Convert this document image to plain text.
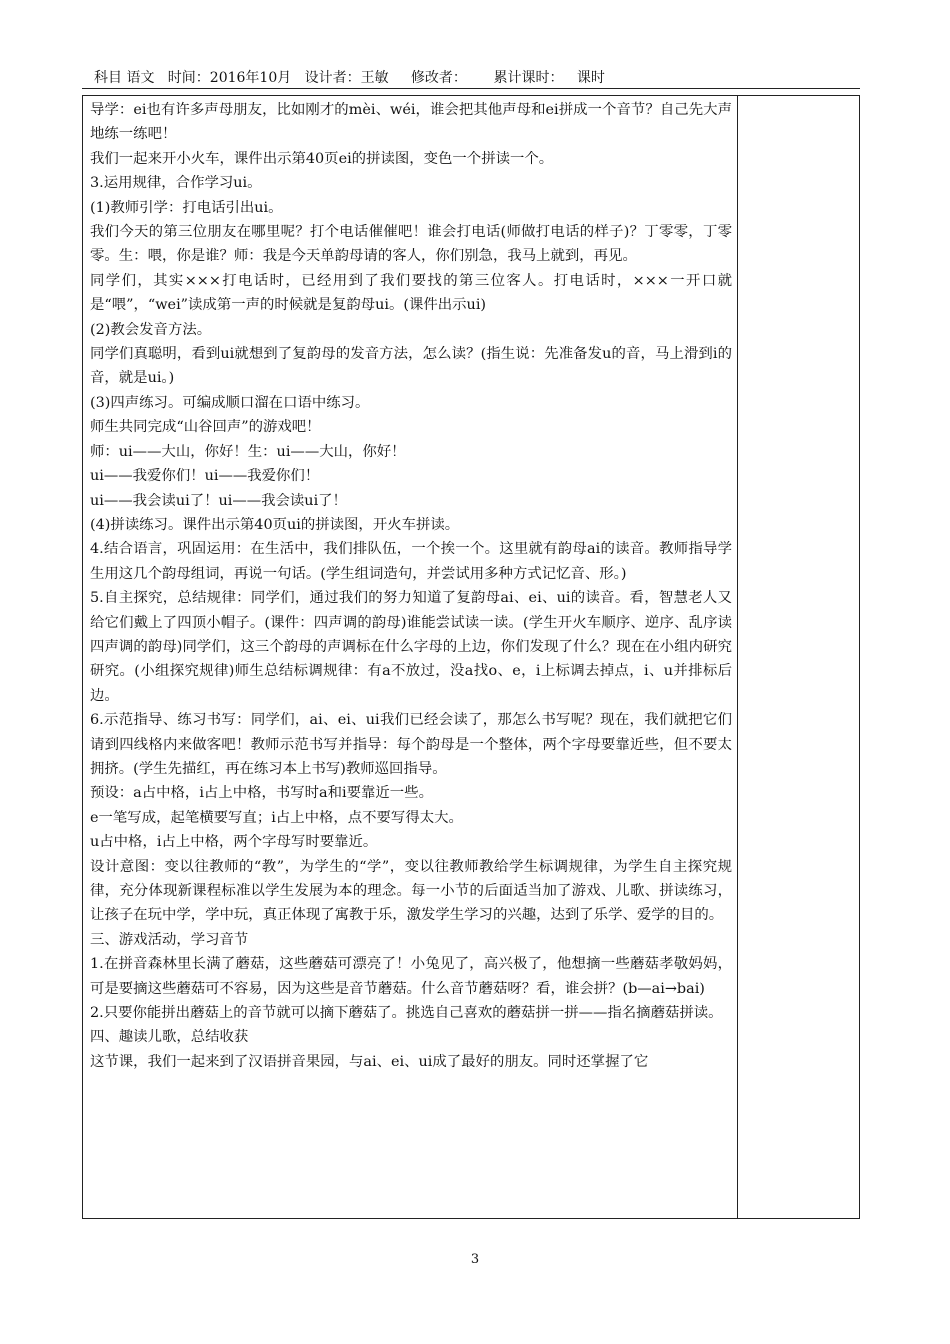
科目 语文   时间：2016年10月   设计者：王敏     修改者：      累计课时：   课时

导学：ei也有许多声母朋友，比如刚才的mèi、wéi，谁会把其他声母和ei拼成一个音节？自己先大声地练一练吧！

我们一起来开小火车，课件出示第40页ei的拼读图，变色一个拼读一个。

3.运用规律，合作学习ui。

(1)教师引学：打电话引出ui。

我们今天的第三位朋友在哪里呢？打个电话催催吧！谁会打电话(师做打电话的样子)？丁零零，丁零零。生：喂，你是谁？师：我是今天单韵母请的客人，你们别急，我马上就到，再见。

同学们，其实×××打电话时，已经用到了我们要找的第三位客人。打电话时，×××一开口就是“喂”，“wei”读成第一声的时候就是复韵母ui。(课件出示ui)

(2)教会发音方法。

同学们真聪明，看到ui就想到了复韵母的发音方法，怎么读？(指生说：先准备发u的音，马上滑到i的音，就是ui。)

(3)四声练习。可编成顺口溜在口语中练习。

师生共同完成“山谷回声”的游戏吧！

师：ui——大山，你好！生：ui——大山，你好！

ui——我爱你们！ui——我爱你们！

ui——我会读ui了！ui——我会读ui了！

(4)拼读练习。课件出示第40页ui的拼读图，开火车拼读。

4.结合语言，巩固运用：在生活中，我们排队伍，一个挨一个。这里就有韵母ai的读音。教师指导学生用这几个韵母组词，再说一句话。(学生组词造句，并尝试用多种方式记忆音、形。)

5.自主探究，总结规律：同学们，通过我们的努力知道了复韵母ai、ei、ui的读音。看，智慧老人又给它们戴上了四顶小帽子。(课件：四声调的韵母)谁能尝试读一读。(学生开火车顺序、逆序、乱序读四声调的韵母)同学们，这三个韵母的声调标在什么字母的上边，你们发现了什么？现在在小组内研究研究。(小组探究规律)师生总结标调规律：有a不放过，没a找o、e，i上标调去掉点，i、u并排标后边。

6.示范指导、练习书写：同学们，ai、ei、ui我们已经会读了，那怎么书写呢？现在，我们就把它们请到四线格内来做客吧！教师示范书写并指导：每个韵母是一个整体，两个字母要靠近些，但不要太拥挤。(学生先描红，再在练习本上书写)教师巡回指导。

预设：a占中格，i占上中格，书写时a和i要靠近一些。

e一笔写成，起笔横要写直；i占上中格，点不要写得太大。

u占中格，i占上中格，两个字母写时要靠近。

设计意图：变以往教师的“教”，为学生的“学”，变以往教师教给学生标调规律，为学生自主探究规律，充分体现新课程标准以学生发展为本的理念。每一小节的后面适当加了游戏、儿歌、拼读练习，让孩子在玩中学，学中玩，真正体现了寓教于乐，激发学生学习的兴趣，达到了乐学、爱学的目的。

三、游戏活动，学习音节

1.在拼音森林里长满了蘑菇，这些蘑菇可漂亮了！小兔见了，高兴极了，他想摘一些蘑菇孝敬妈妈，可是要摘这些蘑菇可不容易，因为这些是音节蘑菇。什么音节蘑菇呀？看，谁会拼？(b—ai→bai)

2.只要你能拼出蘑菇上的音节就可以摘下蘑菇了。挑选自己喜欢的蘑菇拼一拼——指名摘蘑菇拼读。

四、趣读儿歌，总结收获

这节课，我们一起来到了汉语拼音果园，与ai、ei、ui成了最好的朋友。同时还掌握了它

3
